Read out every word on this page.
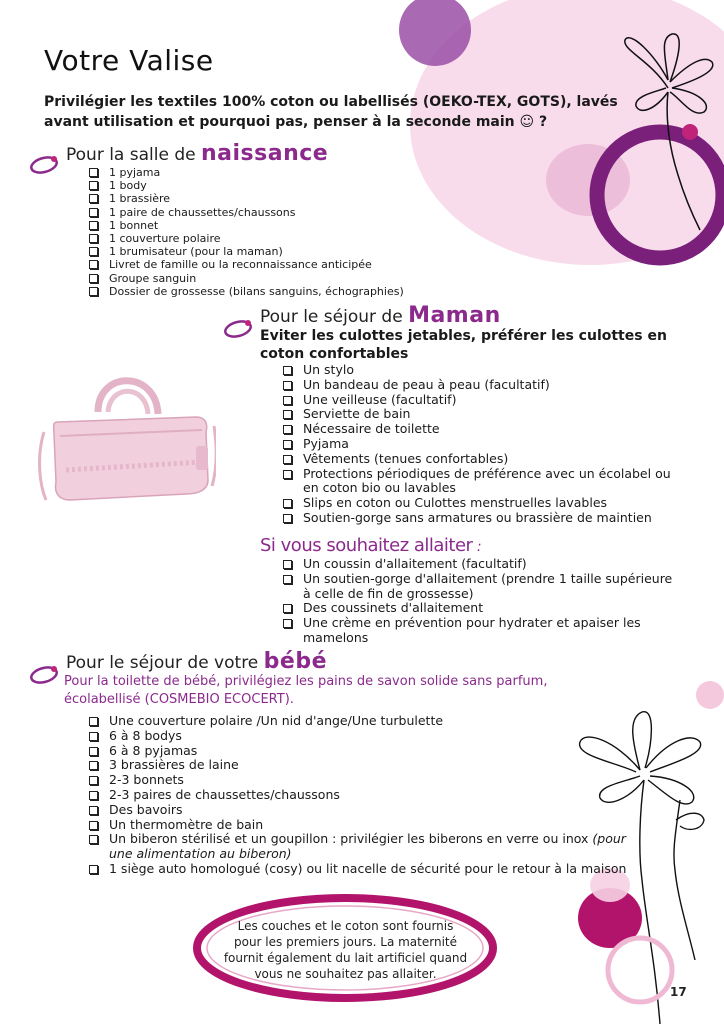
Votre Valise
Privilégier les textiles 100% coton ou labellisés (OEKO-TEX, GOTS), lavés avant utilisation et pourquoi pas, penser à la seconde main ☺ ?
Pour la salle de naissance
1 pyjama
1 body
1 brassière
1 paire de chaussettes/chaussons
1 bonnet
1 couverture polaire
1 brumisateur (pour la maman)
Livret de famille ou la reconnaissance anticipée
Groupe sanguin
Dossier de grossesse (bilans sanguins, échographies)
Pour le séjour de Maman
Eviter les culottes jetables, préférer les culottes en coton confortables
Un stylo
Un bandeau de peau à peau (facultatif)
Une veilleuse (facultatif)
Serviette de bain
Nécessaire de toilette
Pyjama
Vêtements (tenues confortables)
Protections périodiques de préférence avec un écolabel ou en coton bio ou lavables
Slips en coton ou Culottes menstruelles lavables
Soutien-gorge sans armatures ou brassière de maintien
Si vous souhaitez allaiter :
Un coussin d'allaitement (facultatif)
Un soutien-gorge d'allaitement (prendre 1 taille supérieure à celle de fin de grossesse)
Des coussinets d'allaitement
Une crème en prévention pour hydrater et apaiser les mamelons
Pour le séjour de votre bébé
Pour la toilette de bébé, privilégiez les pains de savon solide sans parfum, écolabellisé (COSMEBIO ECOCERT).
Une couverture polaire /Un nid d'ange/Une turbulette
6 à 8 bodys
6 à 8 pyjamas
3 brassières de laine
2-3 bonnets
2-3 paires de chaussettes/chaussons
Des bavoirs
Un thermomètre de bain
Un biberon stérilisé et un goupillon : privilégier les biberons en verre ou inox (pour une alimentation au biberon)
1 siège auto homologué (cosy) ou lit nacelle de sécurité pour le retour à la maison
Les couches et le coton sont fournis pour les premiers jours. La maternité fournit également du lait artificiel quand vous ne souhaitez pas allaiter.
17
